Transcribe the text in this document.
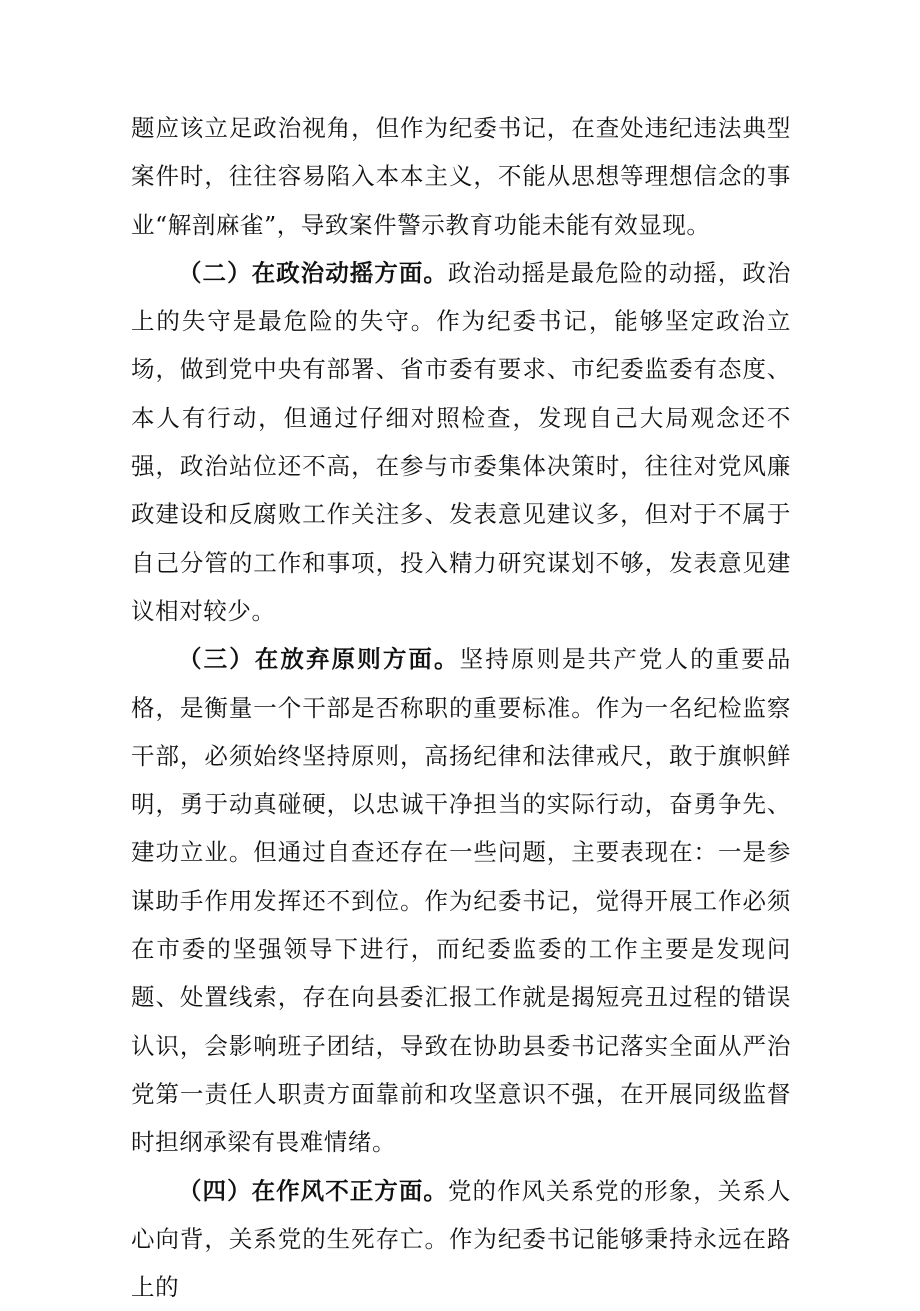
题应该立足政治视角，但作为纪委书记，在查处违纪违法典型案件时，往往容易陷入本本主义，不能从思想等理想信念的事业“解剖麻雀”，导致案件警示教育功能未能有效显现。

（二）在政治动摇方面。政治动摇是最危险的动摇，政治上的失守是最危险的失守。作为纪委书记，能够坚定政治立场，做到党中央有部署、省市委有要求、市纪委监委有态度、本人有行动，但通过仔细对照检查，发现自己大局观念还不强，政治站位还不高，在参与市委集体决策时，往往对党风廉政建设和反腐败工作关注多、发表意见建议多，但对于不属于自己分管的工作和事项，投入精力研究谋划不够，发表意见建议相对较少。

（三）在放弃原则方面。坚持原则是共产党人的重要品格，是衡量一个干部是否称职的重要标准。作为一名纪检监察干部，必须始终坚持原则，高扬纪律和法律戒尺，敢于旗帜鲜明，勇于动真碰硬，以忠诚干净担当的实际行动，奋勇争先、建功立业。但通过自查还存在一些问题，主要表现在：一是参谋助手作用发挥还不到位。作为纪委书记，觉得开展工作必须在市委的坚强领导下进行，而纪委监委的工作主要是发现问题、处置线索，存在向县委汇报工作就是揭短亮丑过程的错误认识，会影响班子团结，导致在协助县委书记落实全面从严治党第一责任人职责方面靠前和攻坚意识不强，在开展同级监督时担纲承梁有畏难情绪。

（四）在作风不正方面。党的作风关系党的形象，关系人心向背，关系党的生死存亡。作为纪委书记能够秉持永远在路上的
